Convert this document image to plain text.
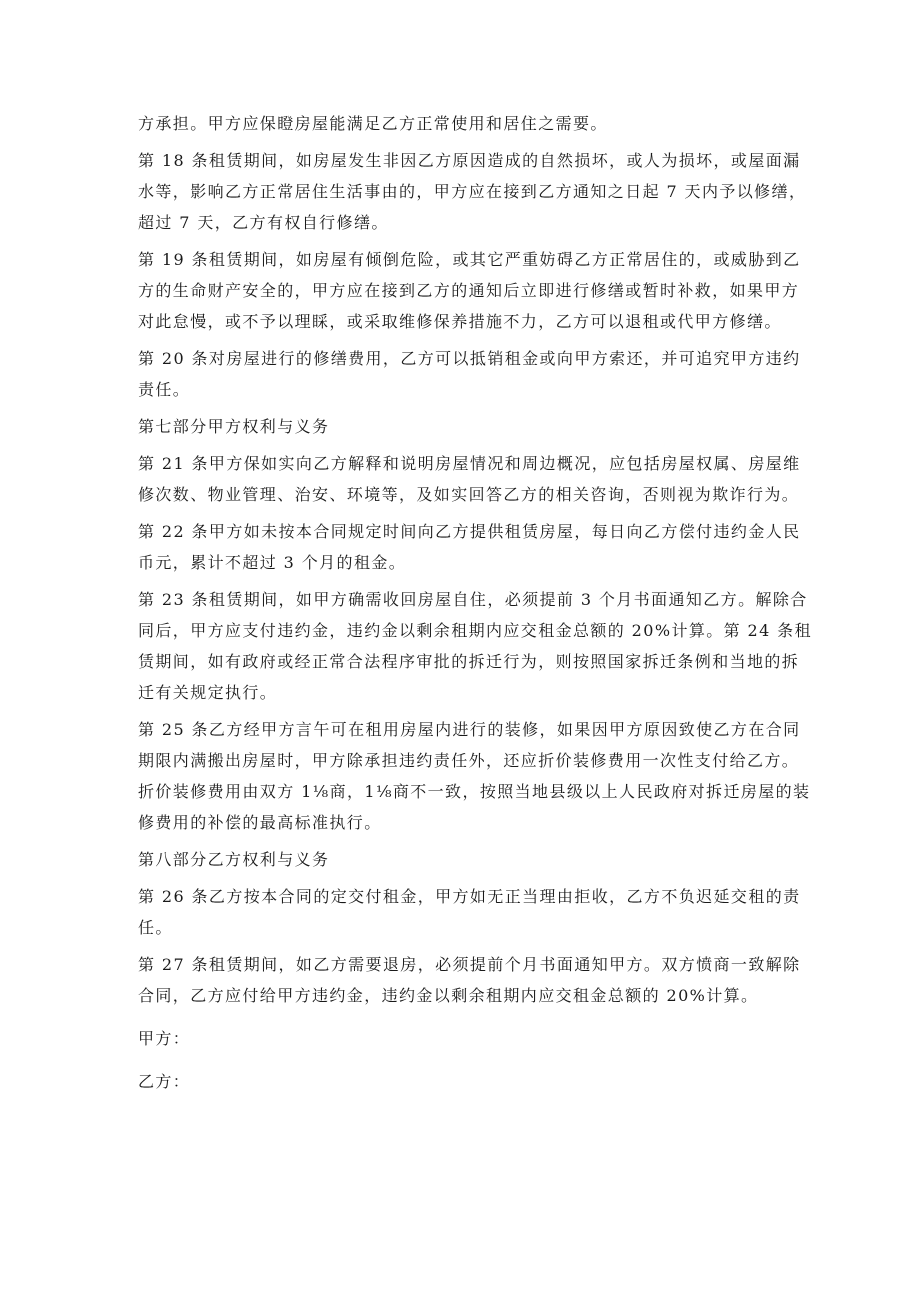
方承担。甲方应保瞪房屋能满足乙方正常使用和居住之需要。
第 18 条租赁期间，如房屋发生非因乙方原因造成的自然损坏，或人为损坏，或屋面漏
水等，影响乙方正常居住生活事由的，甲方应在接到乙方通知之日起 7 天内予以修缮，
超过 7 天，乙方有权自行修缮。
第 19 条租赁期间，如房屋有倾倒危险，或其它严重妨碍乙方正常居住的，或威胁到乙
方的生命财产安全的，甲方应在接到乙方的通知后立即进行修缮或暂时补救，如果甲方
对此怠慢，或不予以理睬，或采取维修保养措施不力，乙方可以退租或代甲方修缮。
第 20 条对房屋进行的修缮费用，乙方可以抵销租金或向甲方索还，并可追究甲方违约
责任。
第七部分甲方权利与义务
第 21 条甲方保如实向乙方解释和说明房屋情况和周边概况，应包括房屋权属、房屋维
修次数、物业管理、治安、环境等，及如实回答乙方的相关咨询，否则视为欺诈行为。
第 22 条甲方如未按本合同规定时间向乙方提供租赁房屋，每日向乙方偿付违约金人民
币元，累计不超过 3 个月的租金。
第 23 条租赁期间，如甲方确需收回房屋自住，必须提前 3 个月书面通知乙方。解除合
同后，甲方应支付违约金，违约金以剩余租期内应交租金总额的 20%计算。第 24 条租
赁期间，如有政府或经正常合法程序审批的拆迁行为，则按照国家拆迁条例和当地的拆
迁有关规定执行。
第 25 条乙方经甲方言午可在租用房屋内进行的装修，如果因甲方原因致使乙方在合同
期限内满搬出房屋时，甲方除承担违约责任外，还应折价装修费用一次性支付给乙方。
折价装修费用由双方 1⅛商，1⅛商不一致，按照当地县级以上人民政府对拆迁房屋的装
修费用的补偿的最高标准执行。
第八部分乙方权利与义务
第 26 条乙方按本合同的定交付租金，甲方如无正当理由拒收，乙方不负迟延交租的责
任。
第 27 条租赁期间，如乙方需要退房，必须提前个月书面通知甲方。双方愤商一致解除
合同，乙方应付给甲方违约金，违约金以剩余租期内应交租金总额的 20%计算。
甲方：
乙方：
